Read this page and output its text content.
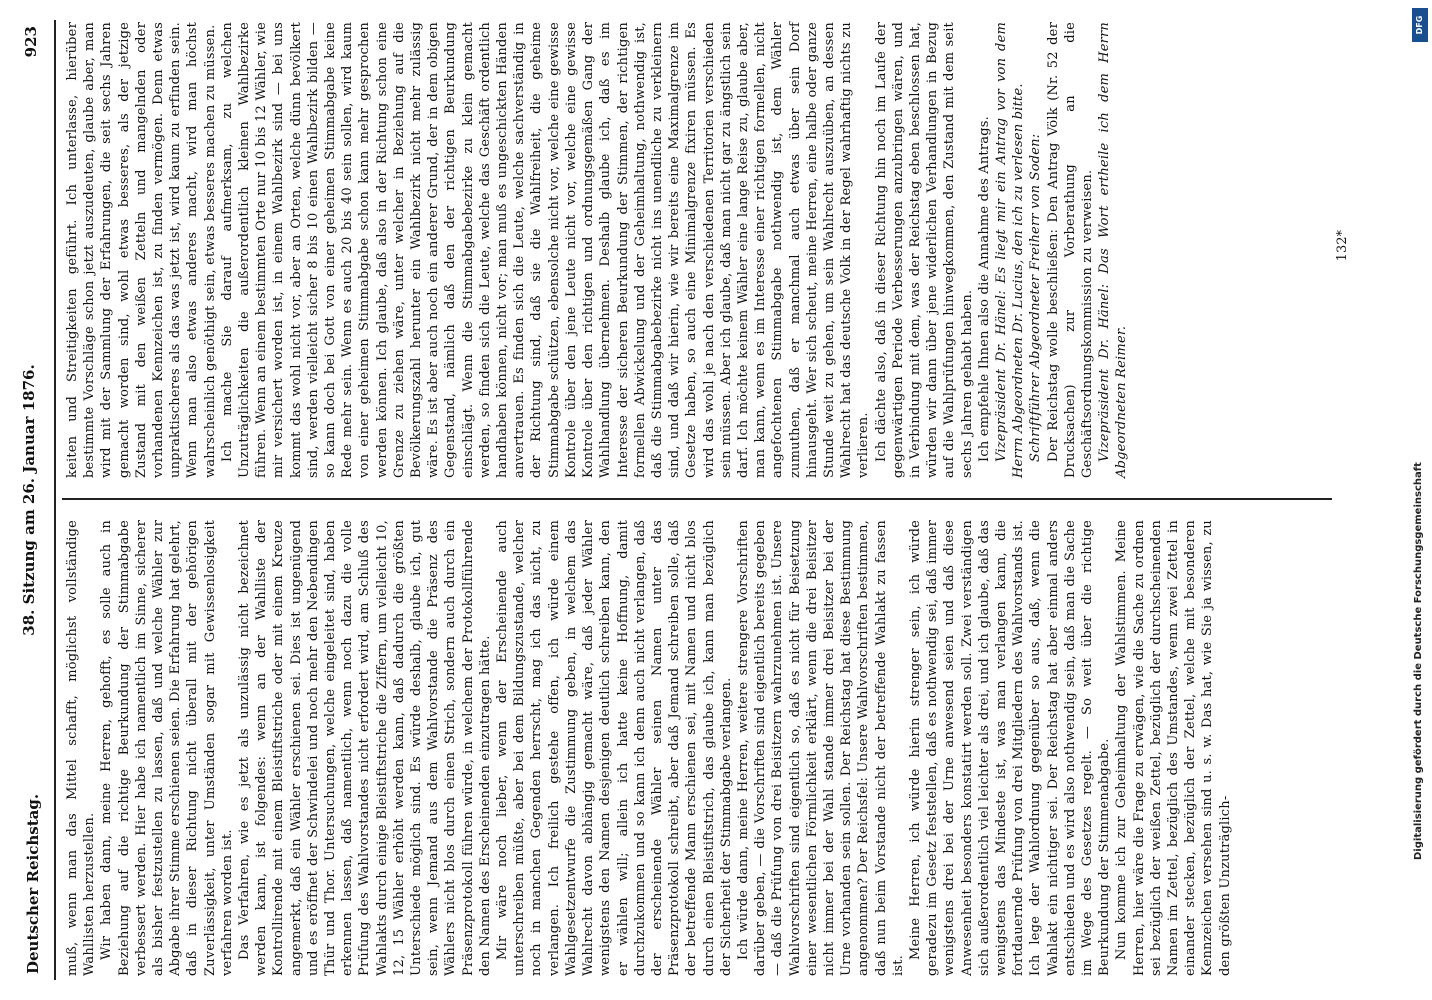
Deutscher Reichstag.
38. Sitzung am 26. Januar 1876.
923

muß, wenn man das Mittel schafft, möglichst vollständige Wahllisten herzustellen. Wir haben dann, meine Herren, gehofft, es solle auch in Beziehung auf die richtige Beurkundung der Stimmabgabe verbessert werden. Hier habe ich namentlich im Sinne, sicherer als bisher festzustellen zu lassen, daß und welche Wähler zur Abgabe ihrer Stimme erschienen seien. Die Erfahrung hat gelehrt, daß in dieser Richtung nicht überall mit der gehörigen Zuverlässigkeit, unter Umständen sogar mit Gewissenlosigkeit verfahren worden ist. Das Verfahren, wie es jetzt als unzulässig nicht bezeichnet werden kann, ist folgendes: wenn an der Wahlliste der Kontrollirende mit einem Bleistiftstriche oder mit einem Kreuze angemerkt, daß ein Wähler erschienen sei. Dies ist ungenügend und es eröffnet der Schwindelei und noch mehr den Nebendingen Thür und Thor. Untersuchungen, welche eingeleitet sind, haben erkennen lassen, daß namentlich, wenn noch dazu die volle Prüfung des Wahlvorstandes nicht erfordert wird, am Schluß des Wahlakts durch einige Bleistiftstriche die Ziffern, um vielleicht 10, 12, 15 Wähler erhöht werden kann, daß dadurch die größten Unterschiede möglich sind. Es würde deshalb, glaube ich, gut sein, wenn Jemand aus dem Wahlvorstande die Präsenz des Wählers nicht blos durch einen Strich, sondern auch durch ein Präsenzprotokoll führen würde, in welchem der Protokollführende den Namen des Erscheinenden einzutragen hätte. Mir wäre noch lieber, wenn der Erscheinende auch unterschreiben müßte, aber bei dem Bildungszustande, welcher noch in manchen Gegenden herrscht, mag ich das nicht, zu verlangen. Ich freilich gestehe offen, ich würde einem Wahlgesetzentwurfe die Zustimmung geben, in welchem das Wahlrecht davon abhängig gemacht wäre, daß jeder Wähler wenigstens den Namen desjenigen deutlich schreiben kann, den er wählen will; allein ich hatte keine Hoffnung, damit durchzukommen und so kann ich denn auch nicht verlangen, daß der erscheinende Wähler seinen Namen unter das Präsenzprotokoll schreibt, aber daß Jemand schreiben solle, daß der betreffende Mann erschienen sei, mit Namen und nicht blos durch einen Bleistiftstrich, das glaube ich, kann man bezüglich der Sicherheit der Stimmabgabe verlangen. Ich würde dann, meine Herren, weitere strengere Vorschriften darüber geben, — die Vorschriften sind eigentlich bereits gegeben — daß die Prüfung von drei Beisitzern wahrzunehmen ist. Unsere Wahlvorschriften sind eigentlich so, daß es nicht für Beisetzung einer wesentlichen Förmlichkeit erklärt, wenn die drei Beisitzer nicht immer bei der Wahl stande immer drei Beisitzer bei der Urne vorhanden sein sollen. Der Reichstag hat diese Bestimmung angenommen? Der Reichsfel: Unsere Wahlvorschriften bestimmen, daß nun beim Vorstande nicht der betreffende Wahlakt zu fassen ist.

Meine Herren, ich würde hierin strenger sein, ich würde geradezu im Gesetz feststellen, daß es nothwendig sei, daß immer wenigstens drei bei der Urne anwesend seien und daß diese Anwesenheit besonders konstatirt werden soll. Zwei verständigen sich außerordentlich viel leichter als drei, und ich glaube, daß das wenigstens das Mindeste ist, was man verlangen kann, die fortdauernde Prüfung von drei Mitgliedern des Wahlvorstands ist. Ich lege der Wahlordnung gegenüber so aus, daß, wenn die Wahlakt ein nichtiger sei. Der Reichstag hat aber einmal anders entschieden und es wird also nothwendig sein, daß man die Sache im Wege des Gesetzes regelt. — So weit über die richtige Beurkundung der Stimmenabgabe. Nun komme ich zur Geheimhaltung der Wahlstimmen. Meine Herren, hier wäre die Frage zu erwägen, wie die Sache zu ordnen sei bezüglich der weißen Zettel, bezüglich der durchscheinenden Namen im Zettel, bezüglich des Umstandes, wenn zwei Zettel in einander stecken, bezüglich der Zettel, welche mit besonderen Kennzeichen versehen sind u. s. w. Das hat, wie Sie ja wissen, zu den größten Unzuträglich-

keiten und Streitigkeiten geführt. Ich unterlasse, hierüber bestimmte Vorschläge schon jetzt auszudeuten, glaube aber, man wird mit der Sammlung der Erfahrungen, die seit sechs Jahren gemacht worden sind, wohl etwas besseres, als der jetzige Zustand mit den weißen Zetteln und mangelnden oder vorhandenen Kennzeichen ist, zu finden vermögen. Denn etwas unpraktischeres als das was jetzt ist, wird kaum zu erfinden sein. Wenn man also etwas anderes macht, wird man höchst wahrscheinlich genöthigt sein, etwas besseres machen zu müssen. Ich mache Sie darauf aufmerksam, zu welchen Unzuträglichkeiten die außerordentlich kleinen Wahlbezirke führen. Wenn an einem bestimmten Orte nur 10 bis 12 Wähler, wie mir versichert worden ist, in einem Wahlbezirk sind — bei uns kommt das wohl nicht vor, aber an Orten, welche dünn bevölkert sind, werden vielleicht sicher 8 bis 10 einen Wahlbezirk bilden — so kann doch bei Gott von einer geheimen Stimmabgabe keine Rede mehr sein. Wenn es auch 20 bis 40 sein sollen, wird kaum von einer geheimen Stimmabgabe schon kann mehr gesprochen werden können. Ich glaube, daß also in der Richtung schon eine Grenze zu ziehen wäre, unter welcher in Beziehung auf die Bevölkerungszahl herunter ein Wahlbezirk nicht mehr zulässig wäre. Es ist aber auch noch ein anderer Grund, der in dem obigen Gegenstand, nämlich daß den der richtigen Beurkundung einschlägt. Wenn die Stimmabgabebezirke zu klein gemacht werden, so finden sich die Leute, welche das Geschäft ordentlich handhaben können, nicht vor; man muß es ungeschickten Händen anvertrauen. Es finden sich die Leute, welche sachverständig in der Richtung sind, daß sie die Wahlfreiheit, die geheime Stimmabgabe schützen, ebensolche nicht vor, welche eine gewisse Kontrole über den jene Leute nicht vor, welche eine gewisse Kontrole über den richtigen und ordnungsgemäßen Gang der Wahlhandlung übernehmen. Deshalb glaube ich, daß es im Interesse der sicheren Beurkundung der Stimmen, der richtigen formellen Abwickelung und der Geheimhaltung, nothwendig ist, daß die Stimmabgabebezirke nicht ins unendliche zu verkleinern sind, und daß wir hierin, wie wir bereits eine Maximalgrenze im Gesetze haben, so auch eine Minimalgrenze fixiren müssen. Es wird das wohl je nach den verschiedenen Territorien verschieden sein müssen. Aber ich glaube, daß man nicht gar zu ängstlich sein darf. Ich möchte keinem Wähler eine lange Reise zu, glaube aber, man kann, wenn es im Interesse einer richtigen formellen, nicht angefochtenen Stimmabgabe nothwendig ist, dem Wähler zumuthen, daß er manchmal auch etwas über sein Dorf hinausgeht. Wer sich scheut, meine Herren, eine halbe oder ganze Stunde weit zu gehen, um sein Wahlrecht auszuüben, an dessen Wahlrecht hat das deutsche Volk in der Regel wahrhaftig nichts zu verlieren. Ich dächte also, daß in dieser Richtung hin noch im Laufe der gegenwärtigen Periode Verbesserungen anzubringen wären, und in Verbindung mit dem, was der Reichstag eben beschlossen hat, würden wir dann über jene widerlichen Verhandlungen in Bezug auf die Wahlprüfungen hinwegkommen, den Zustand mit dem seit sechs Jahren gehabt haben. Ich empfehle Ihnen also die Annahme des Antrags. Vizepräsident Dr. Hänel: Es liegt mir ein Antrag vor von dem Herrn Abgeordneten Dr. Lucius, den ich zu verlesen bitte. Schriftführer Abgeordneter Freiherr von Soden: Der Reichstag wolle beschließen: Den Antrag Völk (Nr. 52 der Drucksachen) zur Vorberathung an die Geschäftsordnungskommission zu verweisen. Vizepräsident Dr. Hänel: Das Wort ertheile ich dem Herrn Abgeordneten Reimer.

132*
DFG
Digitalisierung gefördert durch die Deutsche Forschungsgemeinschaft
